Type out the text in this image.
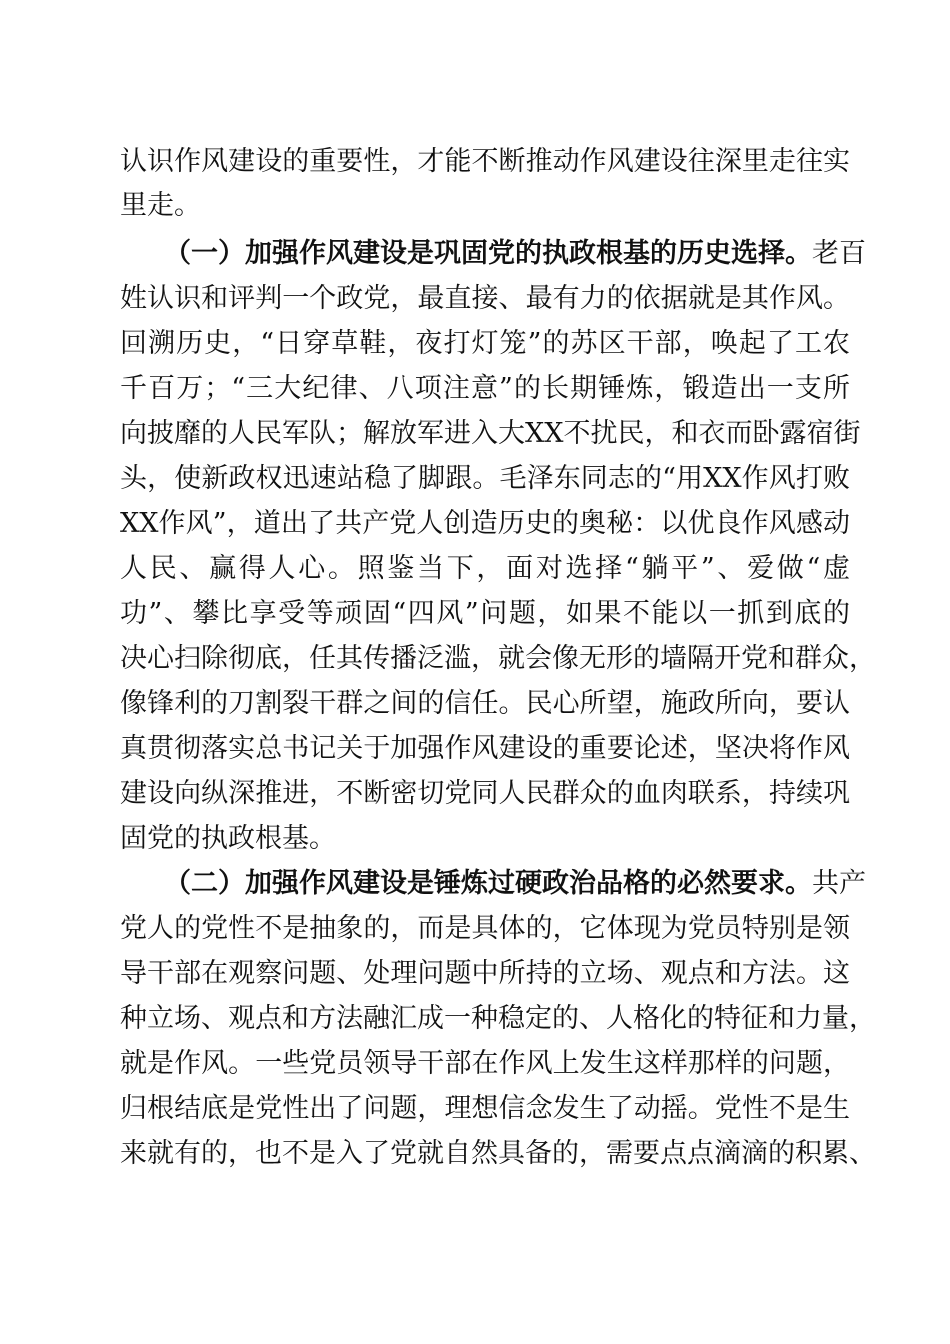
认识作风建设的重要性，才能不断推动作风建设往深里走往实
里走。
（一）加强作风建设是巩固党的执政根基的历史选择。老百
姓认识和评判一个政党，最直接、最有力的依据就是其作风。
回溯历史，“日穿草鞋，夜打灯笼”的苏区干部，唤起了工农
千百万；“三大纪律、八项注意”的长期锤炼，锻造出一支所
向披靡的人民军队；解放军进入大XX不扰民，和衣而卧露宿街
头，使新政权迅速站稳了脚跟。毛泽东同志的“用XX作风打败
XX作风”，道出了共产党人创造历史的奥秘：以优良作风感动
人民、赢得人心。照鉴当下，面对选择“躺平”、爱做“虚
功”、攀比享受等顽固“四风”问题，如果不能以一抓到底的
决心扫除彻底，任其传播泛滥，就会像无形的墙隔开党和群众，
像锋利的刀割裂干群之间的信任。民心所望，施政所向，要认
真贯彻落实总书记关于加强作风建设的重要论述，坚决将作风
建设向纵深推进，不断密切党同人民群众的血肉联系，持续巩
固党的执政根基。
（二）加强作风建设是锤炼过硬政治品格的必然要求。共产
党人的党性不是抽象的，而是具体的，它体现为党员特别是领
导干部在观察问题、处理问题中所持的立场、观点和方法。这
种立场、观点和方法融汇成一种稳定的、人格化的特征和力量，
就是作风。一些党员领导干部在作风上发生这样那样的问题，
归根结底是党性出了问题，理想信念发生了动摇。党性不是生
来就有的，也不是入了党就自然具备的，需要点点滴滴的积累、
